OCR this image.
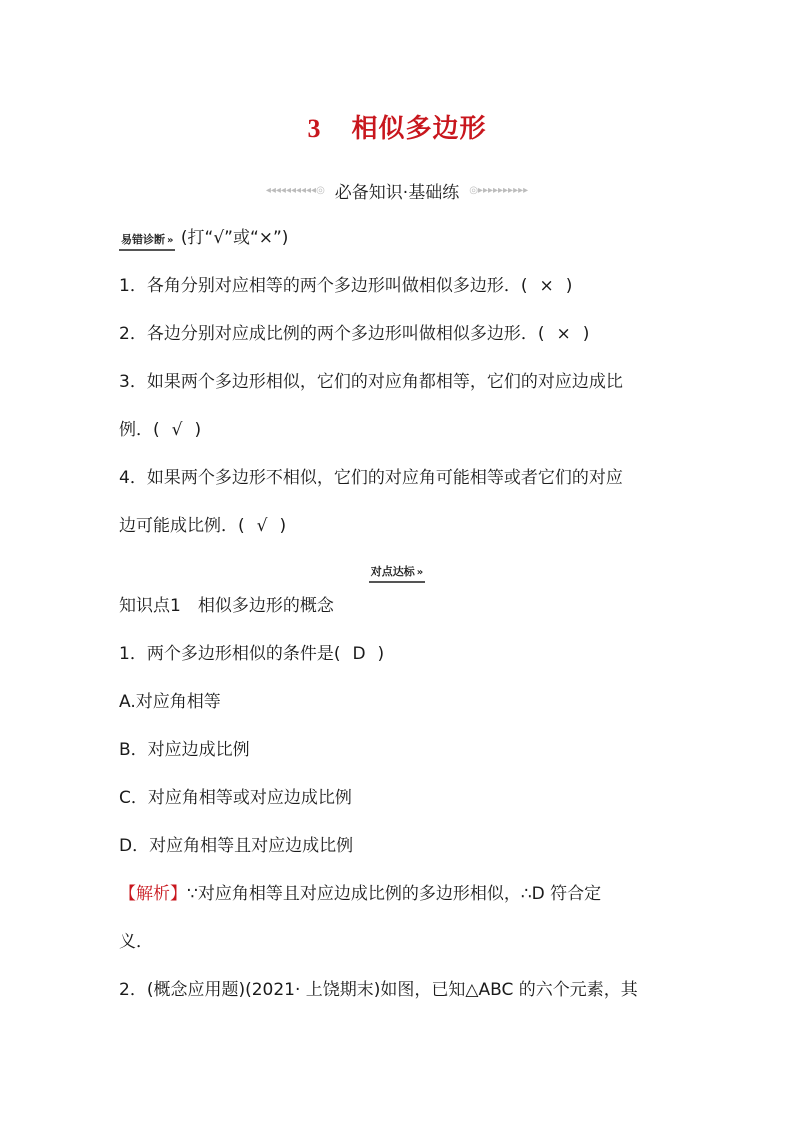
3 相似多边形
◂◂◂◂◂◂◂◂◂◂◎ 必备知识·基础练 ◎▸▸▸▸▸▸▸▸▸▸
易错诊断 » (打“√”或“×”)
1．各角分别对应相等的两个多边形叫做相似多边形．( × )
2．各边分别对应成比例的两个多边形叫做相似多边形．( × )
3．如果两个多边形相似，它们的对应角都相等，它们的对应边成比
例．( √ )
4．如果两个多边形不相似，它们的对应角可能相等或者它们的对应
边可能成比例．( √ )
对点达标 »
知识点1　相似多边形的概念
1．两个多边形相似的条件是( D )
A.对应角相等
B．对应边成比例
C．对应角相等或对应边成比例
D．对应角相等且对应边成比例
【解析】∵对应角相等且对应边成比例的多边形相似，∴D 符合定
义．
2．(概念应用题)(2021· 上饶期末)如图，已知△ABC 的六个元素，其
